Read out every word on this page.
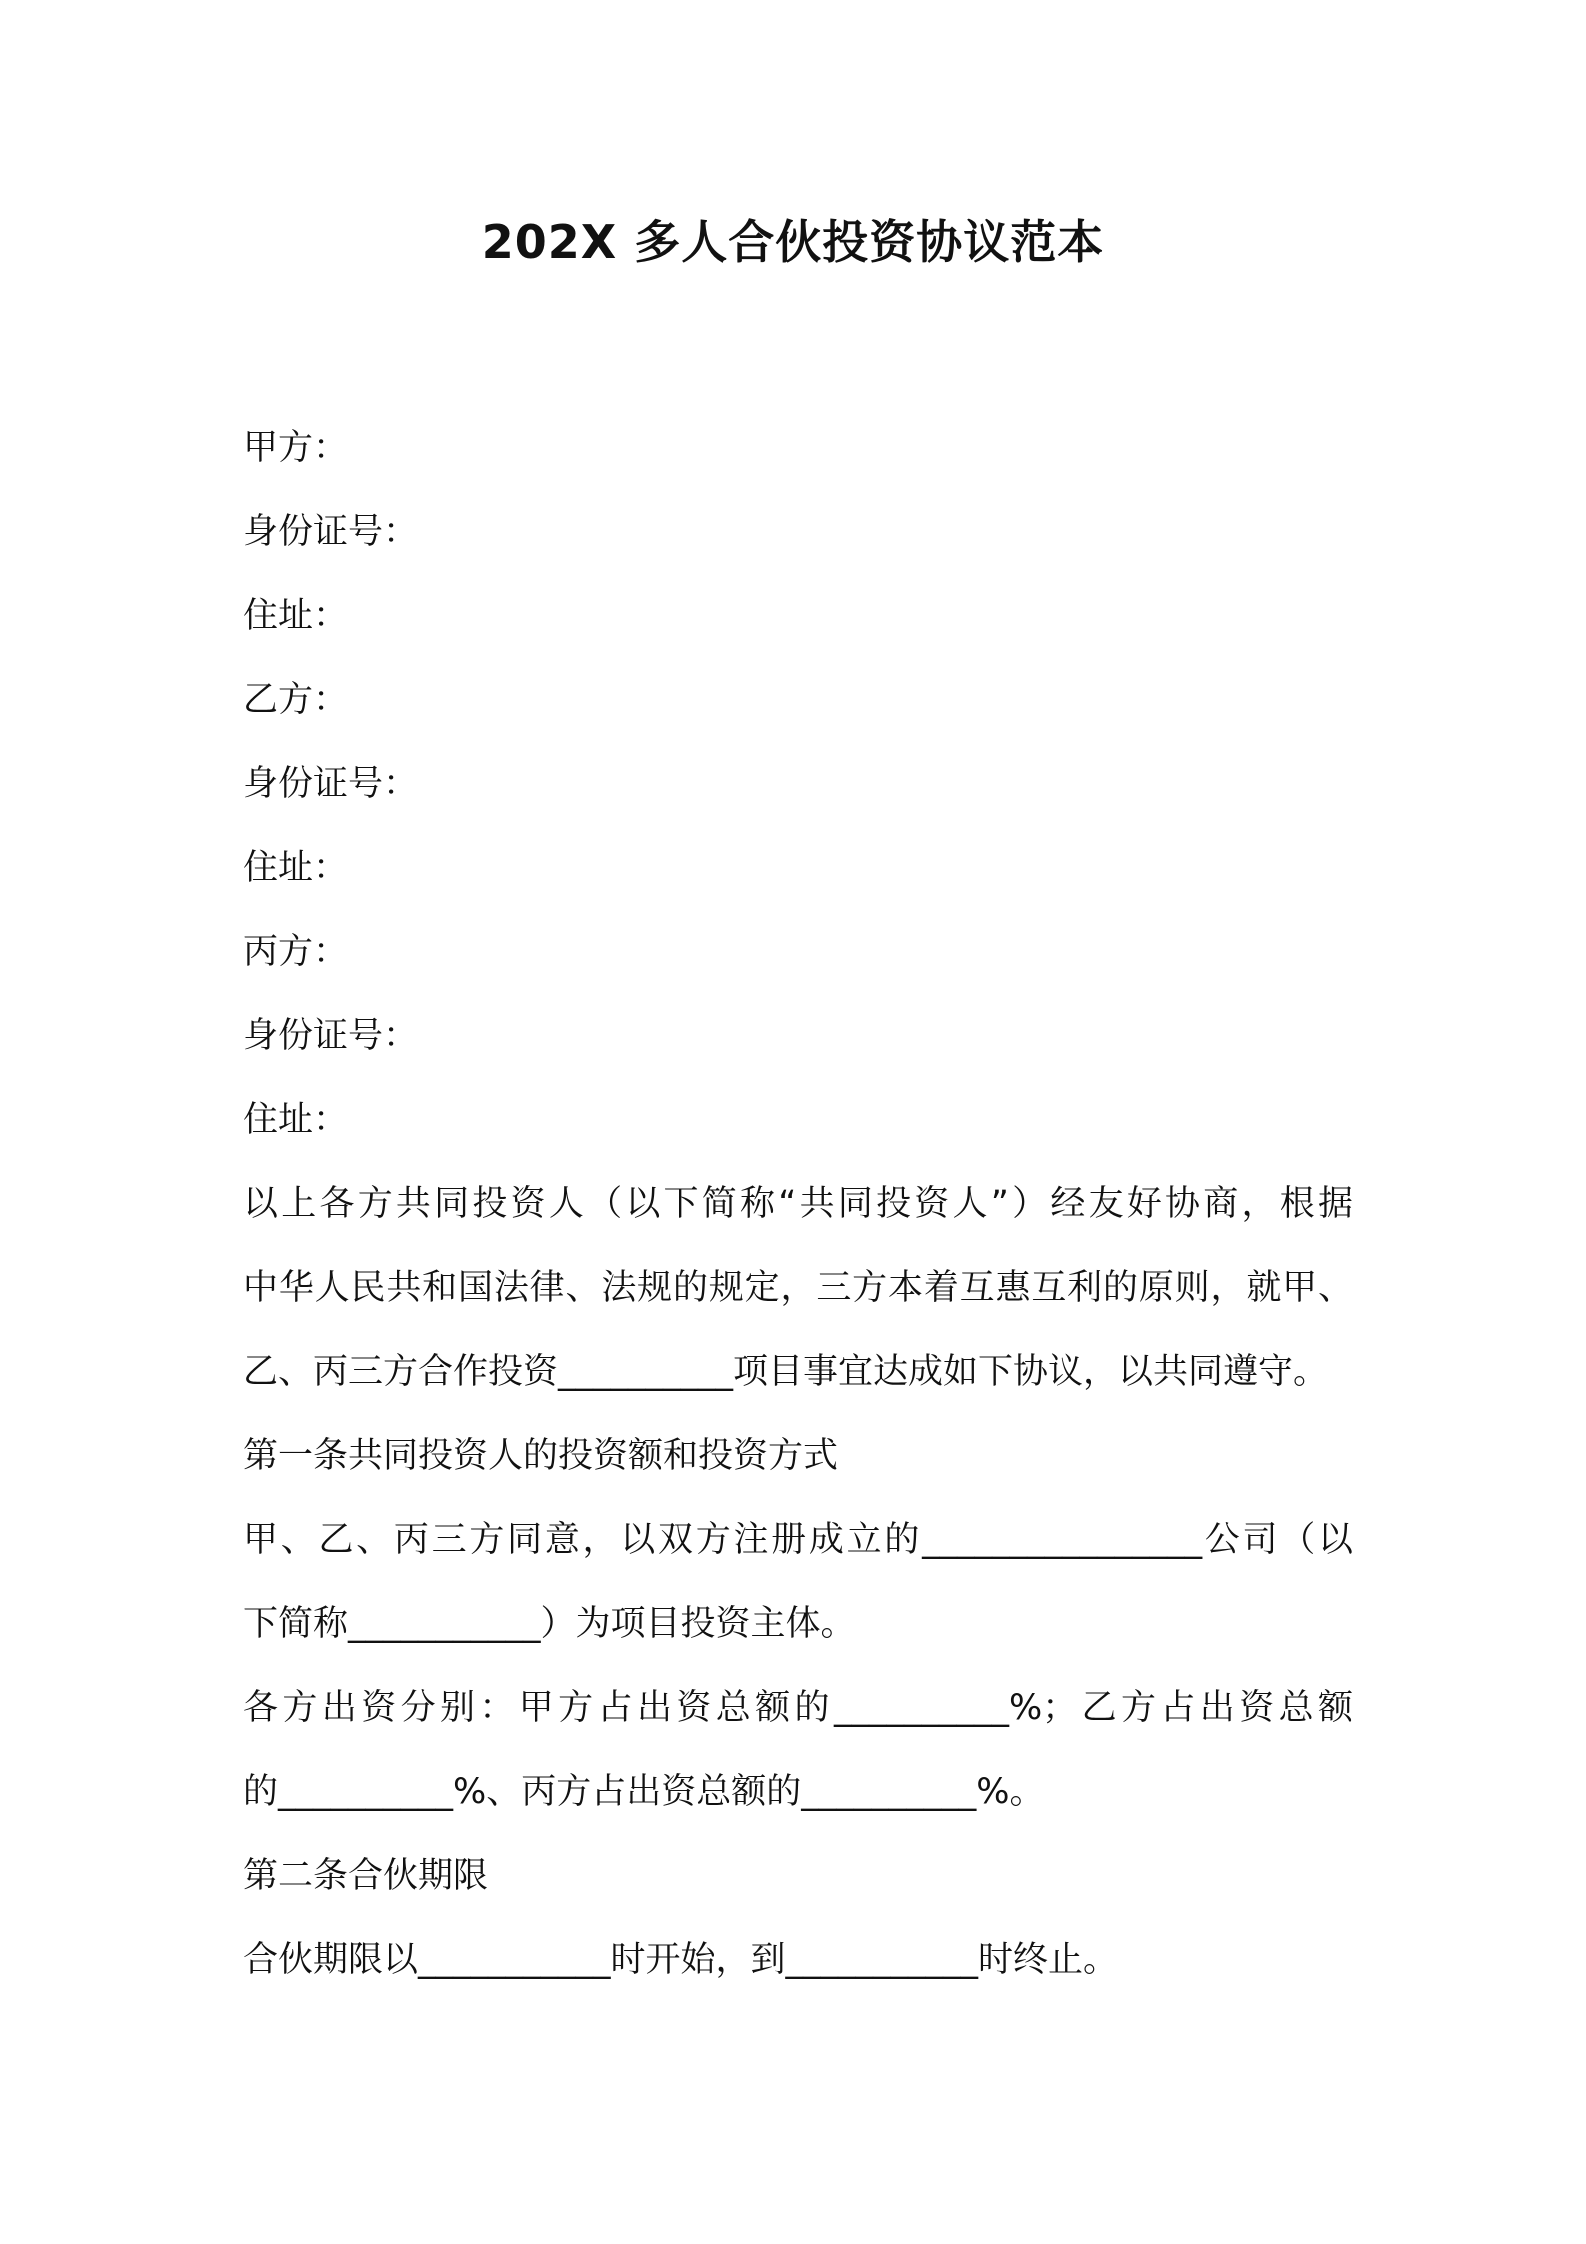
202X 多人合伙投资协议范本
甲方：
身份证号：
住址：
乙方：
身份证号：
住址：
丙方：
身份证号：
住址：
以上各方共同投资人（以下简称“共同投资人”）经友好协商，根据
中华人民共和国法律、法规的规定，三方本着互惠互利的原则，就甲、
乙、丙三方合作投资__________项目事宜达成如下协议，以共同遵守。
第一条共同投资人的投资额和投资方式
甲、乙、丙三方同意，以双方注册成立的________________公司（以
下简称___________）为项目投资主体。
各方出资分别：甲方占出资总额的__________%；乙方占出资总额
的__________%、丙方占出资总额的__________%。
第二条合伙期限
合伙期限以___________时开始，到___________时终止。
